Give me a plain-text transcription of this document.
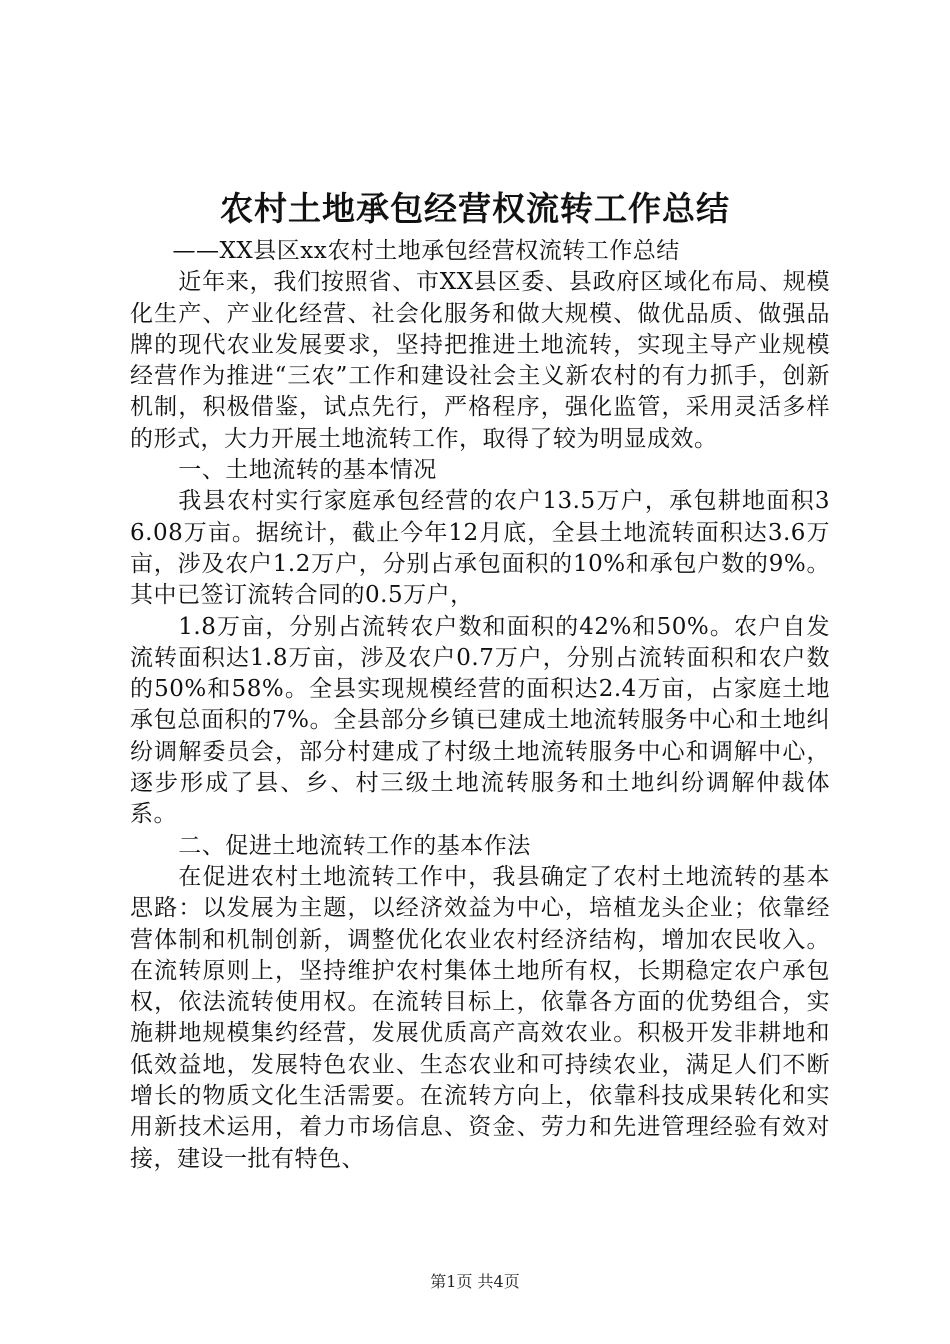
农村土地承包经营权流转工作总结

——XX县区xx农村土地承包经营权流转工作总结

近年来，我们按照省、市XX县区委、县政府区域化布局、规模化生产、产业化经营、社会化服务和做大规模、做优品质、做强品牌的现代农业发展要求，坚持把推进土地流转，实现主导产业规模经营作为推进“三农”工作和建设社会主义新农村的有力抓手，创新机制，积极借鉴，试点先行，严格程序，强化监管，采用灵活多样的形式，大力开展土地流转工作，取得了较为明显成效。

一、土地流转的基本情况

我县农村实行家庭承包经营的农户13.5万户，承包耕地面积36.08万亩。据统计，截止今年12月底，全县土地流转面积达3.6万亩，涉及农户1.2万户，分别占承包面积的10%和承包户数的9%。其中已签订流转合同的0.5万户，

1.8万亩，分别占流转农户数和面积的42%和50%。农户自发流转面积达1.8万亩，涉及农户0.7万户，分别占流转面积和农户数的50%和58%。全县实现规模经营的面积达2.4万亩，占家庭土地承包总面积的7%。全县部分乡镇已建成土地流转服务中心和土地纠纷调解委员会，部分村建成了村级土地流转服务中心和调解中心，逐步形成了县、乡、村三级土地流转服务和土地纠纷调解仲裁体系。

二、促进土地流转工作的基本作法

在促进农村土地流转工作中，我县确定了农村土地流转的基本思路：以发展为主题，以经济效益为中心，培植龙头企业；依靠经营体制和机制创新，调整优化农业农村经济结构，增加农民收入。在流转原则上，坚持维护农村集体土地所有权，长期稳定农户承包权，依法流转使用权。在流转目标上，依靠各方面的优势组合，实施耕地规模集约经营，发展优质高产高效农业。积极开发非耕地和低效益地，发展特色农业、生态农业和可持续农业，满足人们不断增长的物质文化生活需要。在流转方向上，依靠科技成果转化和实用新技术运用，着力市场信息、资金、劳力和先进管理经验有效对接，建设一批有特色、

第1页 共4页
